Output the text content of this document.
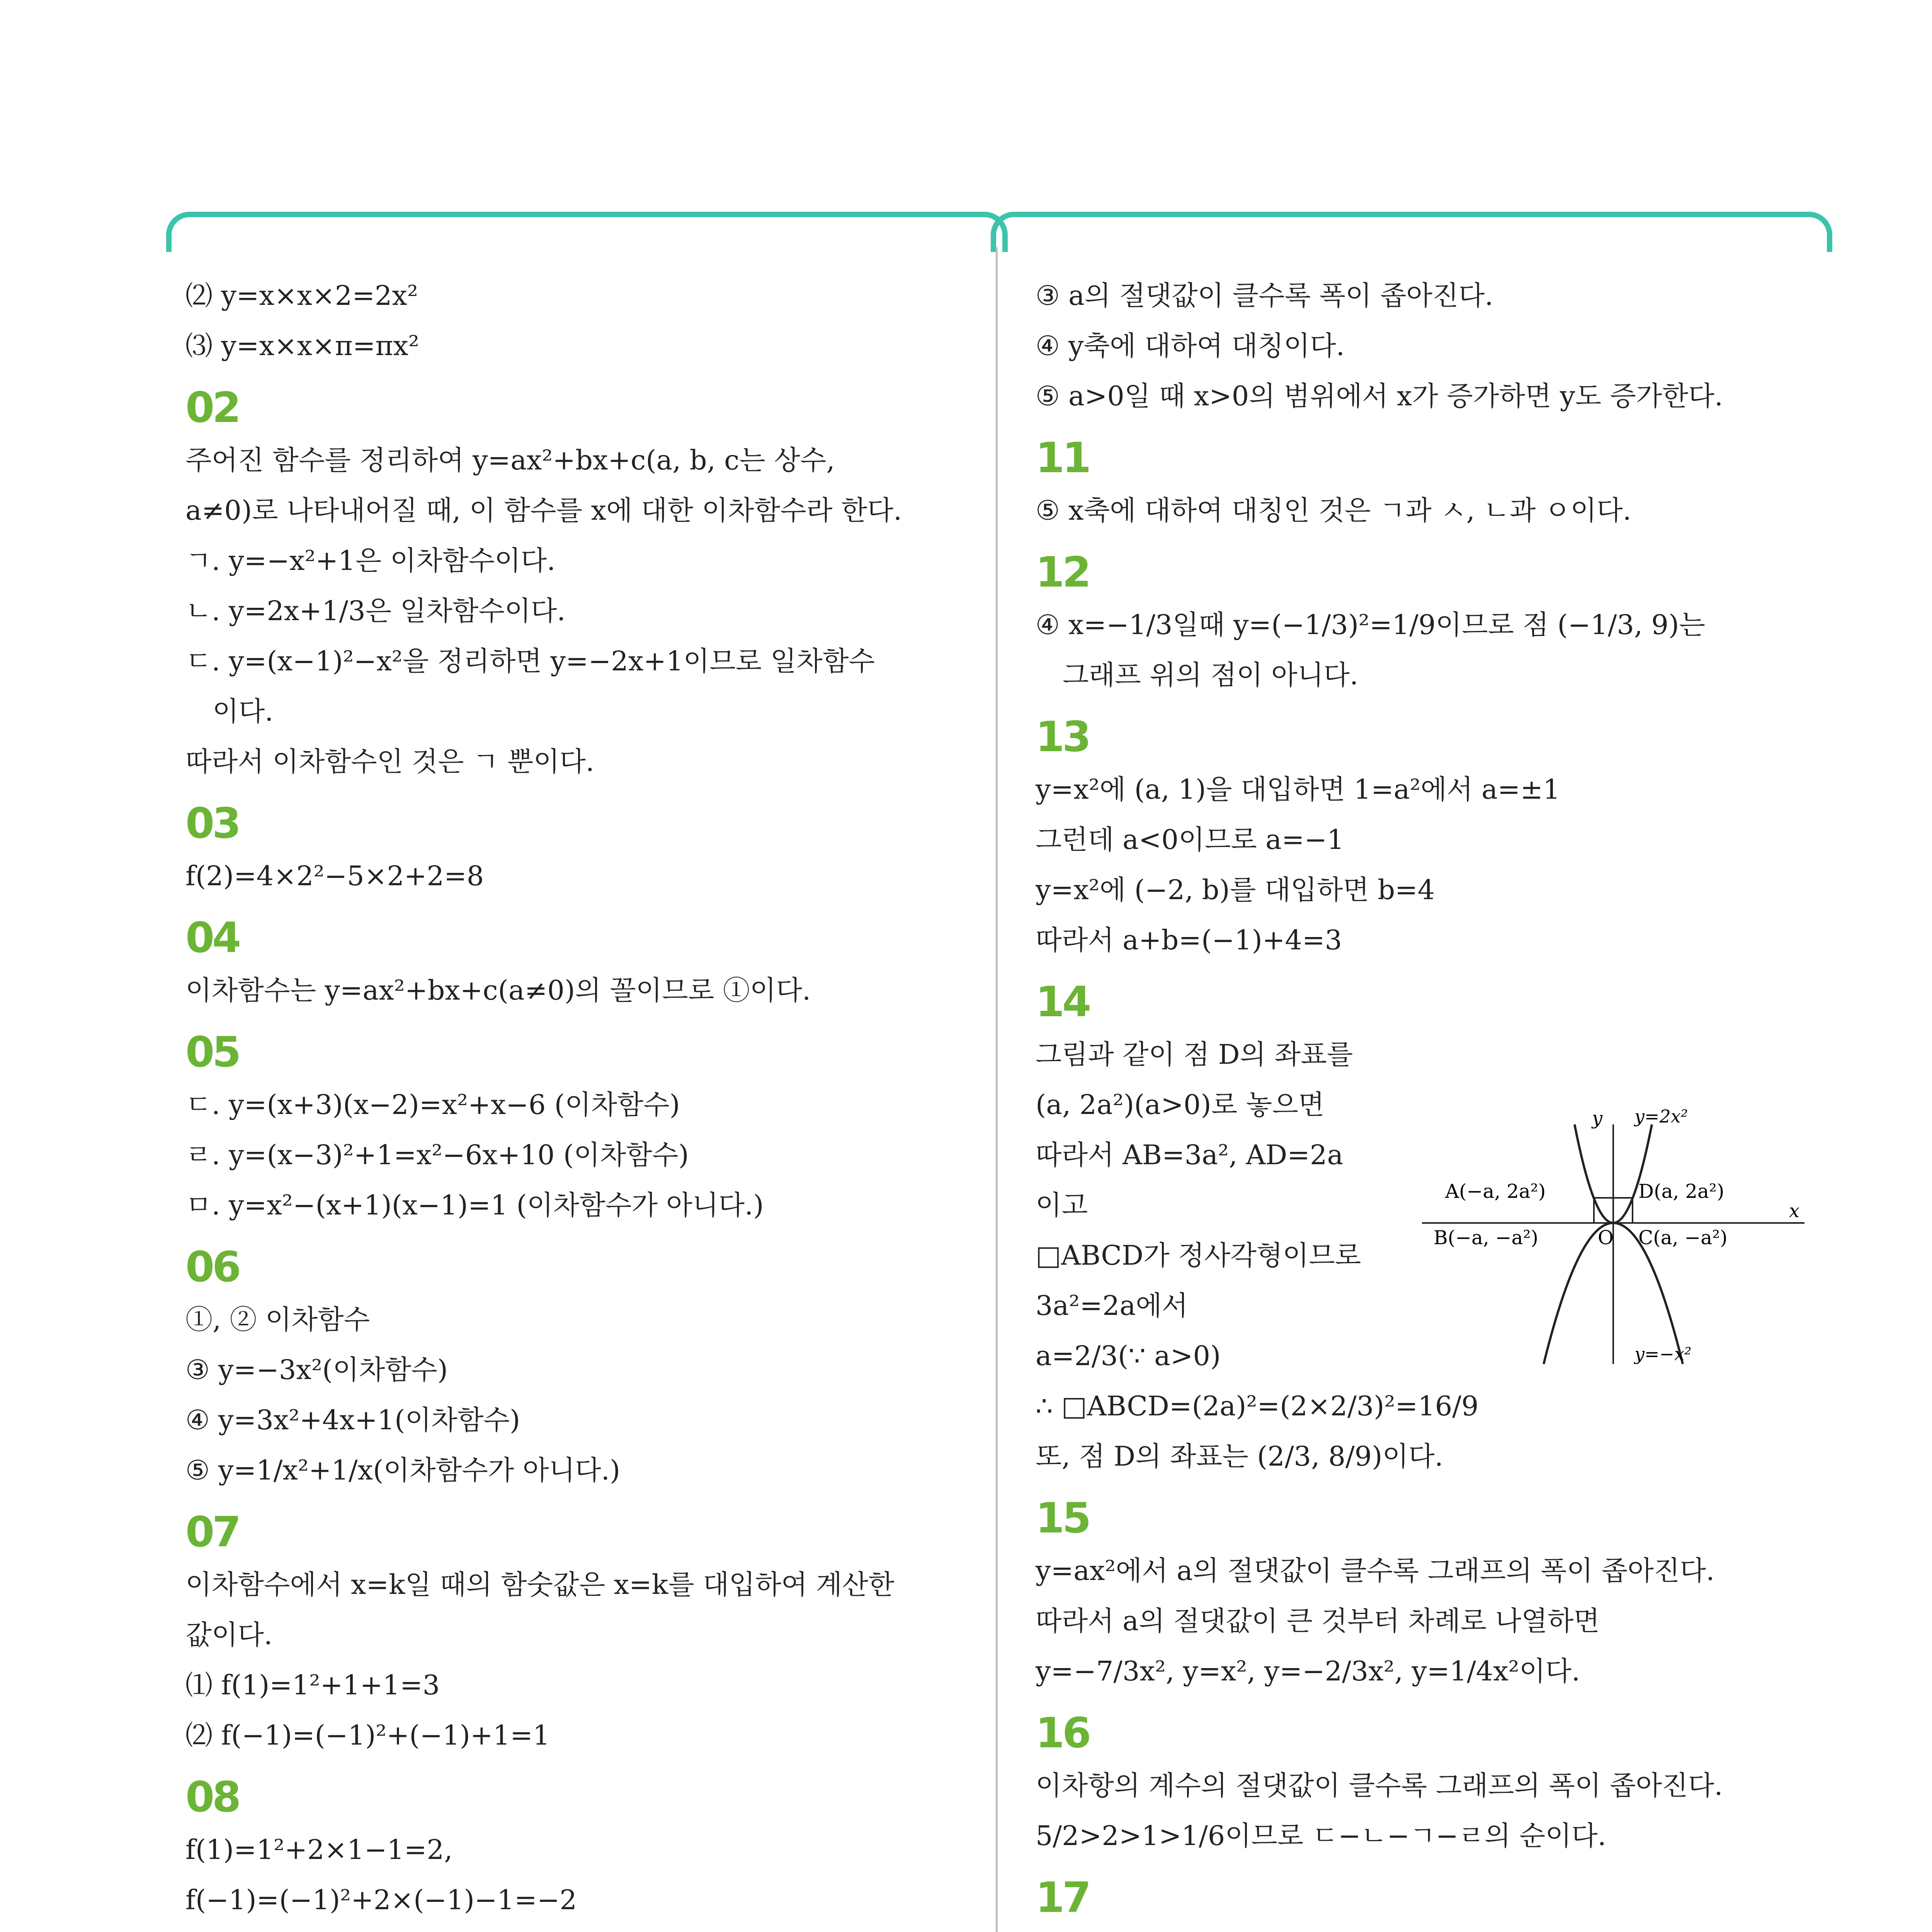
⑵ y=x×x×2=2x²
⑶ y=x×x×π=πx²
02
주어진 함수를 정리하여 y=ax²+bx+c(a, b, c는 상수,
a≠0)로 나타내어질 때, 이 함수를 x에 대한 이차함수라 한다.
ㄱ. y=−x²+1은 이차함수이다.
ㄴ. y=2x+1/3은 일차함수이다.
ㄷ. y=(x−1)²−x²을 정리하면 y=−2x+1이므로 일차함수
이다.
따라서 이차함수인 것은 ㄱ 뿐이다.
03
f(2)=4×2²−5×2+2=8
04
이차함수는 y=ax²+bx+c(a≠0)의 꼴이므로 ①이다.
05
ㄷ. y=(x+3)(x−2)=x²+x−6 (이차함수)
ㄹ. y=(x−3)²+1=x²−6x+10 (이차함수)
ㅁ. y=x²−(x+1)(x−1)=1 (이차함수가 아니다.)
06
①, ② 이차함수
③ y=−3x²(이차함수)
④ y=3x²+4x+1(이차함수)
⑤ y=1/x²+1/x(이차함수가 아니다.)
07
이차함수에서 x=k일 때의 함숫값은 x=k를 대입하여 계산한
값이다.
⑴ f(1)=1²+1+1=3
⑵ f(−1)=(−1)²+(−1)+1=1
08
f(1)=1²+2×1−1=2,
f(−1)=(−1)²+2×(−1)−1=−2
③ a의 절댓값이 클수록 폭이 좁아진다.
④ y축에 대하여 대칭이다.
⑤ a>0일 때 x>0의 범위에서 x가 증가하면 y도 증가한다.
11
⑤ x축에 대하여 대칭인 것은 ㄱ과 ㅅ, ㄴ과 ㅇ이다.
12
④ x=−1/3일때 y=(−1/3)²=1/9이므로 점 (−1/3, 9)는
그래프 위의 점이 아니다.
13
y=x²에 (a, 1)을 대입하면 1=a²에서 a=±1
그런데 a<0이므로 a=−1
y=x²에 (−2, b)를 대입하면 b=4
따라서 a+b=(−1)+4=3
14
그림과 같이 점 D의 좌표를
(a, 2a²)(a>0)로 놓으면
따라서 AB=3a², AD=2a
이고
□ABCD가 정사각형이므로
3a²=2a에서
a=2/3(∵ a>0)
∴ □ABCD=(2a)²=(2×2/3)²=16/9
또, 점 D의 좌표는 (2/3, 8/9)이다.
15
y=ax²에서 a의 절댓값이 클수록 그래프의 폭이 좁아진다.
따라서 a의 절댓값이 큰 것부터 차례로 나열하면
y=−7/3x², y=x², y=−2/3x², y=1/4x²이다.
16
이차항의 계수의 절댓값이 클수록 그래프의 폭이 좁아진다.
5/2>2>1>1/6이므로 ㄷ−ㄴ−ㄱ−ㄹ의 순이다.
17
y
x
O
y=2x²
y=−x²
A(−a, 2a²)	D(a, 2a²)
B(−a, −a²)	C(a, −a²)
